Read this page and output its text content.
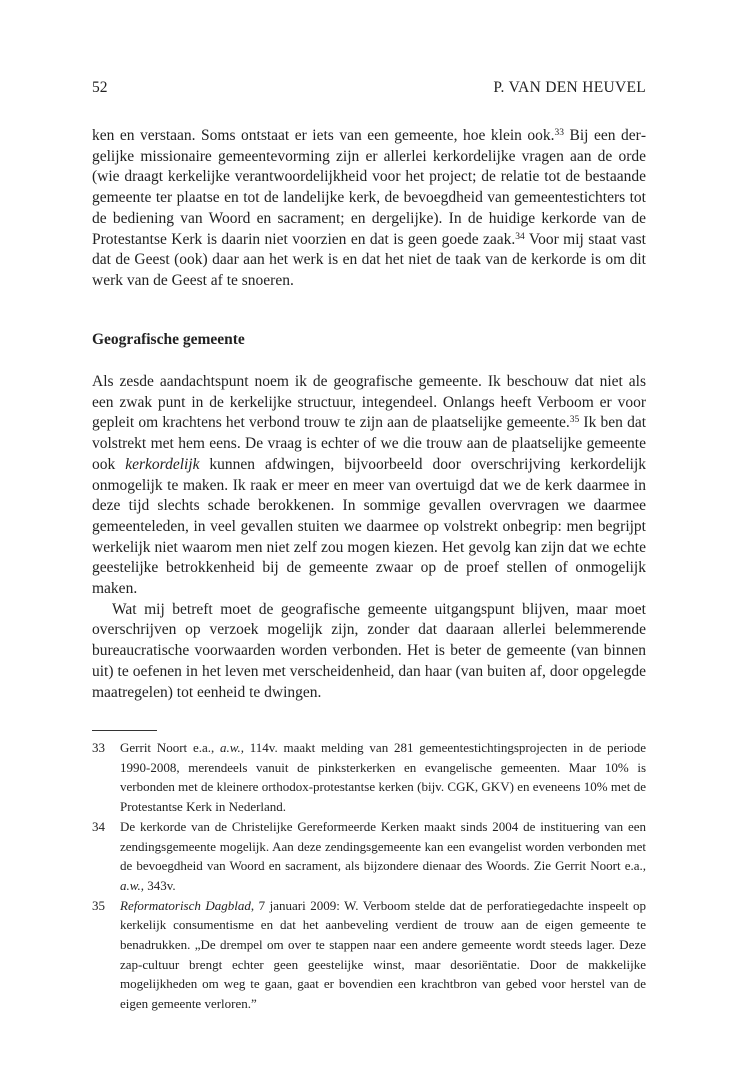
52	P. VAN DEN HEUVEL

ken en verstaan. Soms ontstaat er iets van een gemeente, hoe klein ook.$^{33}$ Bij een dergelijke missionaire gemeentevorming zijn er allerlei kerkordelijke vragen aan de orde (wie draagt kerkelijke verantwoordelijkheid voor het project; de relatie tot de bestaande gemeente ter plaatse en tot de landelijke kerk, de bevoegdheid van gemeentestichters tot de bediening van Woord en sacrament; en dergelijke). In de huidige kerkorde van de Protestantse Kerk is daarin niet voorzien en dat is geen goede zaak.$^{34}$ Voor mij staat vast dat de Geest (ook) daar aan het werk is en dat het niet de taak van de kerkorde is om dit werk van de Geest af te snoeren.

Geografische gemeente

Als zesde aandachtspunt noem ik de geografische gemeente. Ik beschouw dat niet als een zwak punt in de kerkelijke structuur, integendeel. Onlangs heeft Verboom er voor gepleit om krachtens het verbond trouw te zijn aan de plaatselijke gemeente.$^{35}$ Ik ben dat volstrekt met hem eens. De vraag is echter of we die trouw aan de plaatselijke gemeente ook kerkordelijk kunnen afdwingen, bijvoorbeeld door overschrijving kerkordelijk onmogelijk te maken. Ik raak er meer en meer van overtuigd dat we de kerk daarmee in deze tijd slechts schade berokkenen. In sommige gevallen overvragen we daarmee gemeenteleden, in veel gevallen stuiten we daarmee op volstrekt onbegrip: men begrijpt werkelijk niet waarom men niet zelf zou mogen kiezen. Het gevolg kan zijn dat we echte geestelijke betrokkenheid bij de gemeente zwaar op de proef stellen of onmogelijk maken.

Wat mij betreft moet de geografische gemeente uitgangspunt blijven, maar moet overschrijven op verzoek mogelijk zijn, zonder dat daaraan allerlei belemmerende bureaucratische voorwaarden worden verbonden. Het is beter de gemeente (van binnen uit) te oefenen in het leven met verscheidenheid, dan haar (van buiten af, door opgelegde maatregelen) tot eenheid te dwingen.

33 Gerrit Noort e.a., a.w., 114v. maakt melding van 281 gemeentestichtingsprojecten in de periode 1990-2008, merendeels vanuit de pinksterkerken en evangelische gemeenten. Maar 10% is verbonden met de kleinere orthodox-protestantse kerken (bijv. CGK, GKV) en eveneens 10% met de Protestantse Kerk in Nederland.

34 De kerkorde van de Christelijke Gereformeerde Kerken maakt sinds 2004 de instituering van een zendingsgemeente mogelijk. Aan deze zendingsgemeente kan een evangelist worden verbonden met de bevoegdheid van Woord en sacrament, als bijzondere dienaar des Woords. Zie Gerrit Noort e.a., a.w., 343v.

35 Reformatorisch Dagblad, 7 januari 2009: W. Verboom stelde dat de perforatiegedachte inspeelt op kerkelijk consumentisme en dat het aanbeveling verdient de trouw aan de eigen gemeente te benadrukken. „De drempel om over te stappen naar een andere gemeente wordt steeds lager. Deze zap-cultuur brengt echter geen geestelijke winst, maar desoriëntatie. Door de makkelijke mogelijkheden om weg te gaan, gaat er bovendien een krachtbron van gebed voor herstel van de eigen gemeente verloren.”
